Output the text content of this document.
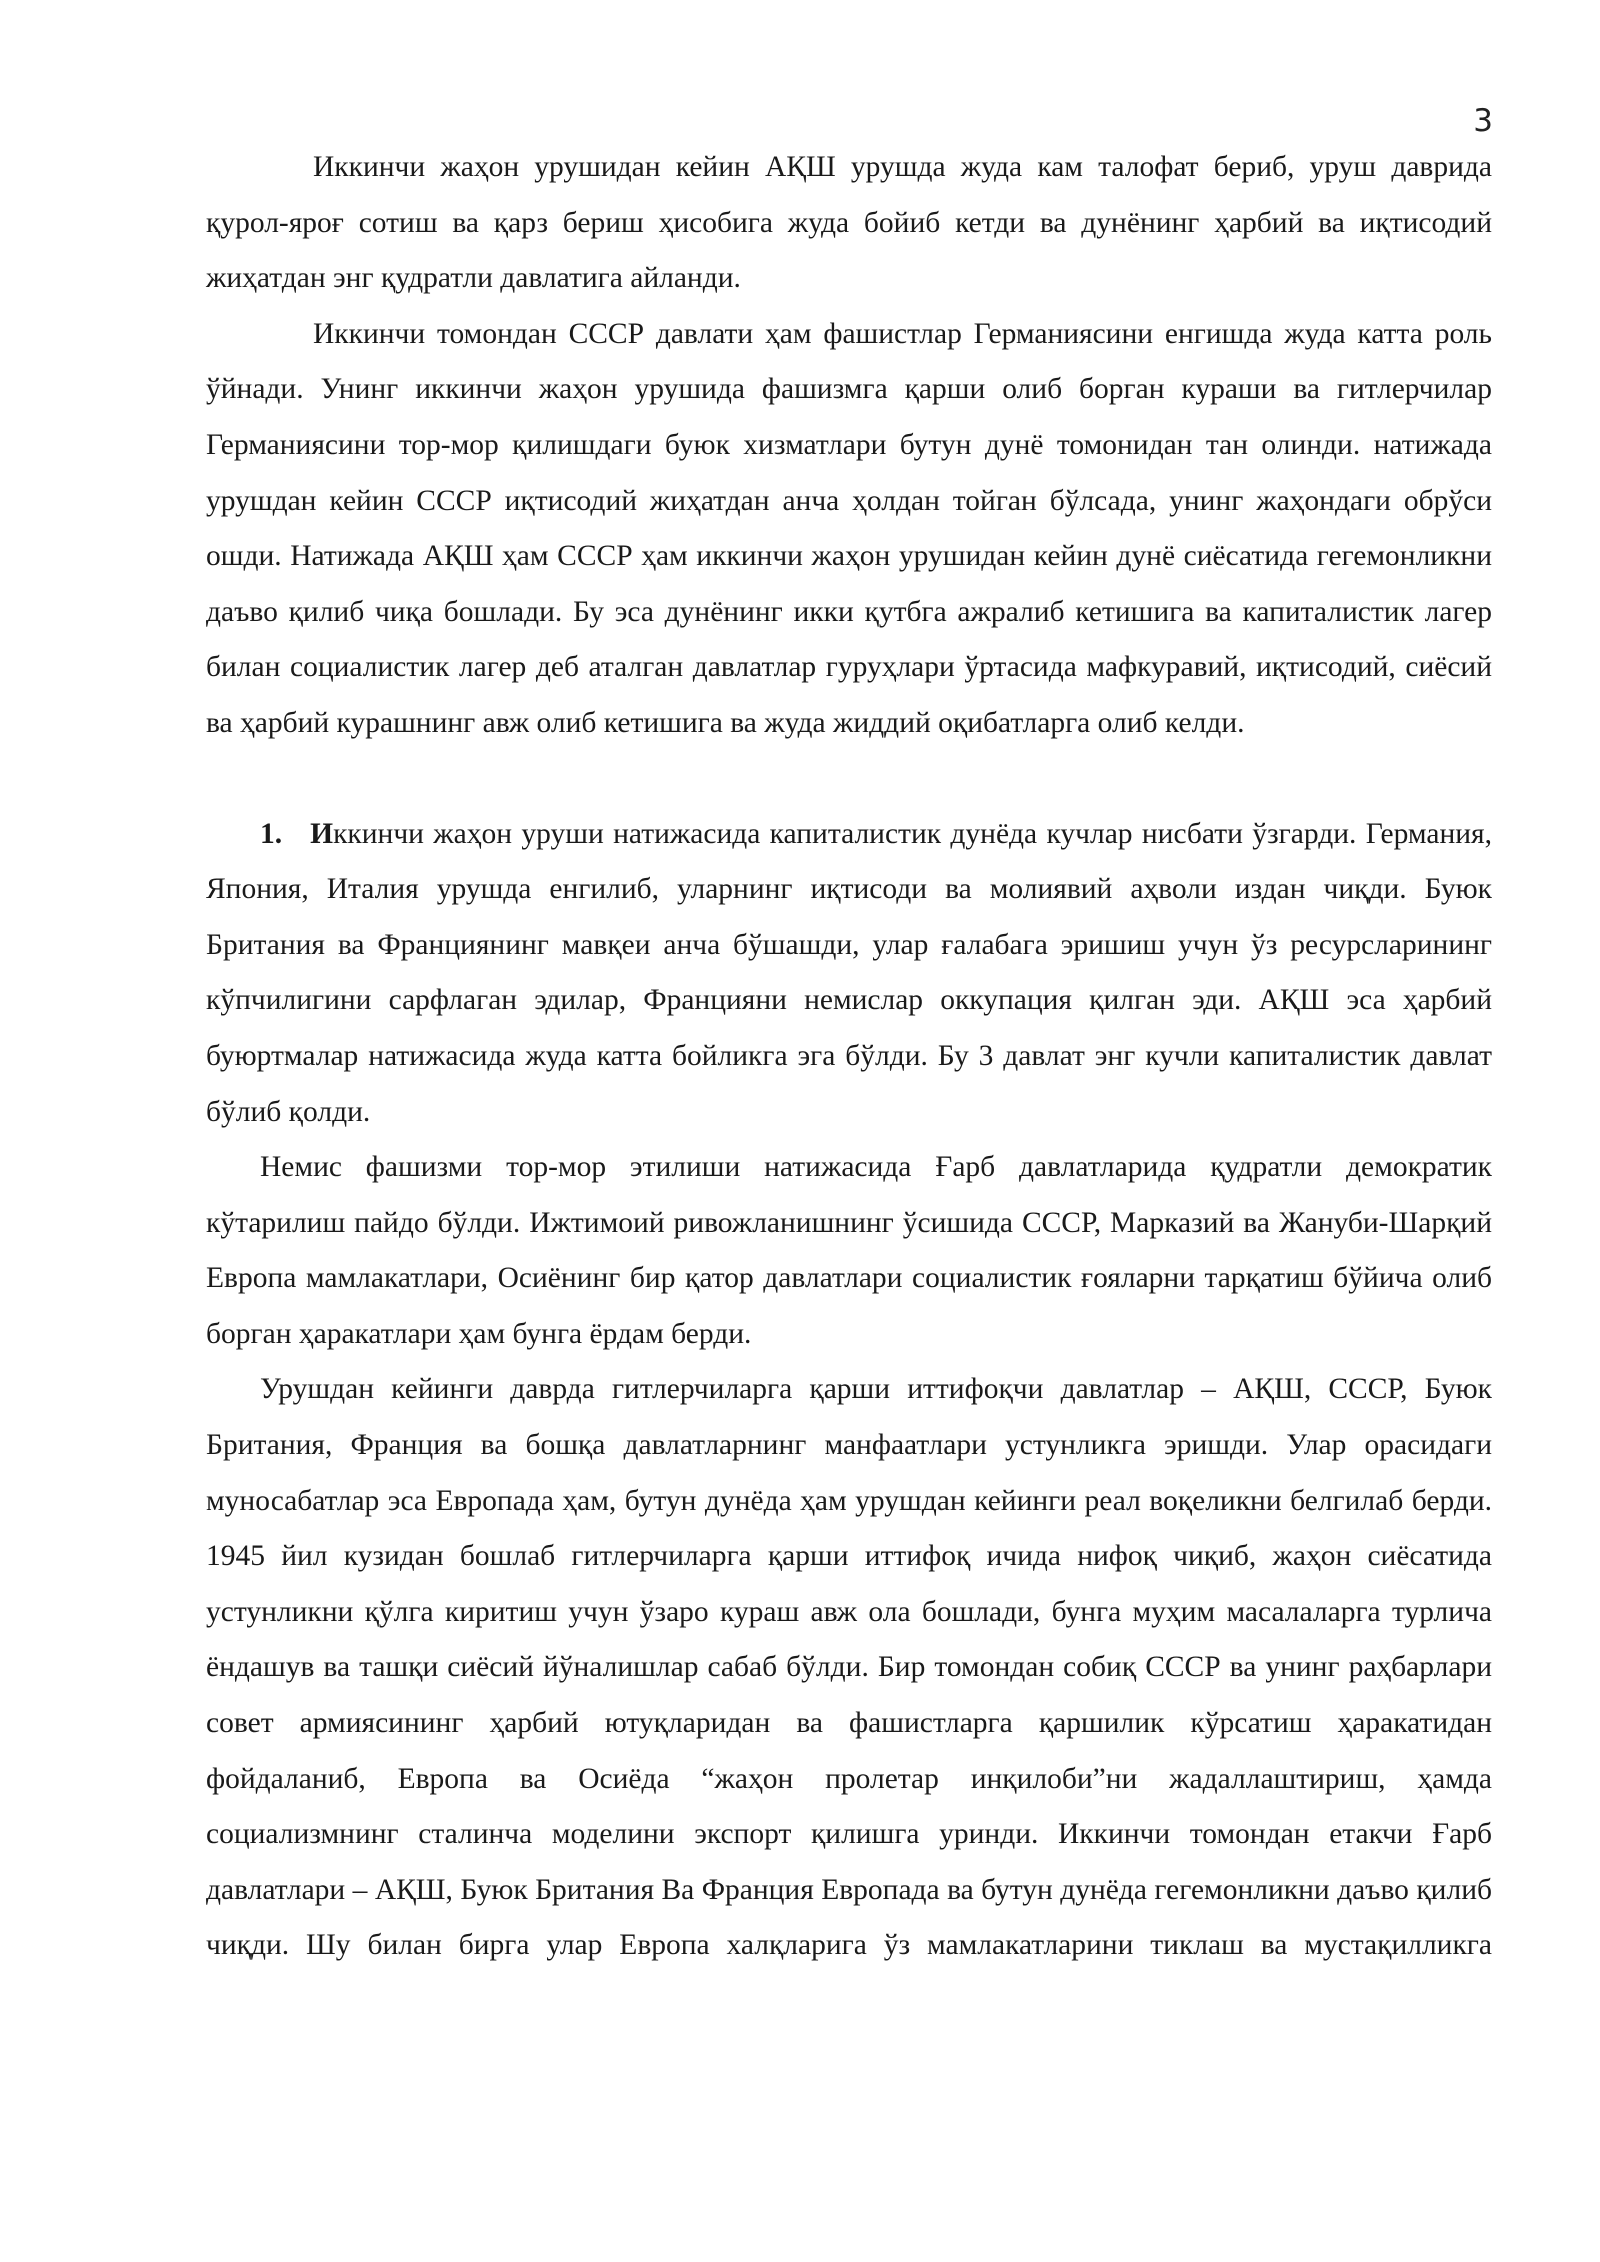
3

Иккинчи жаҳон урушидан кейин АҚШ урушда жуда кам талофат бериб, уруш даврида қурол-яроғ сотиш ва қарз бериш ҳисобига жуда бойиб кетди ва дунёнинг ҳарбий ва иқтисодий жиҳатдан энг қудратли давлатига айланди.

Иккинчи томондан СССР давлати ҳам фашистлар Германиясини енгишда жуда катта роль ўйнади. Унинг иккинчи жаҳон урушида фашизмга қарши олиб борган кураши ва гитлерчилар Германиясини тор-мор қилишдаги буюк хизматлари бутун дунё томонидан тан олинди. натижада урушдан кейин СССР иқтисодий жиҳатдан анча ҳолдан тойган бўлсада, унинг жаҳондаги обрўси ошди. Натижада АҚШ ҳам СССР ҳам иккинчи жаҳон урушидан кейин дунё сиёсатида гегемонликни даъво қилиб чиқа бошлади. Бу эса дунёнинг икки қутбга ажралиб кетишига ва капиталистик лагер билан социалистик лагер деб аталган давлатлар гуруҳлари ўртасида мафкуравий, иқтисодий, сиёсий ва ҳарбий курашнинг авж олиб кетишига ва жуда жиддий оқибатларга олиб келди.

1. Иккинчи жаҳон уруши натижасида капиталистик дунёда кучлар нисбати ўзгарди. Германия, Япония, Италия урушда енгилиб, уларнинг иқтисоди ва молиявий аҳволи издан чиқди. Буюк Британия ва Франциянинг мавқеи анча бўшашди, улар ғалабага эришиш учун ўз ресурсларининг кўпчилигини сарфлаган эдилар, Францияни немислар оккупация қилган эди. АҚШ эса ҳарбий буюртмалар натижасида жуда катта бойликга эга бўлди. Бу 3 давлат энг кучли капиталистик давлат бўлиб қолди.

Немис фашизми тор-мор этилиши натижасида Ғарб давлатларида қудратли демократик кўтарилиш пайдо бўлди. Ижтимоий ривожланишнинг ўсишида СССР, Марказий ва Жануби-Шарқий Европа мамлакатлари, Осиёнинг бир қатор давлатлари социалистик ғояларни тарқатиш бўйича олиб борган ҳаракатлари ҳам бунга ёрдам берди.

Урушдан кейинги даврда гитлерчиларга қарши иттифоқчи давлатлар – АҚШ, СССР, Буюк Британия, Франция ва бошқа давлатларнинг манфаатлари устунликга эришди. Улар орасидаги муносабатлар эса Европада ҳам, бутун дунёда ҳам урушдан кейинги реал воқеликни белгилаб берди. 1945 йил кузидан бошлаб гитлерчиларга қарши иттифоқ ичида нифоқ чиқиб, жаҳон сиёсатида устунликни қўлга киритиш учун ўзаро кураш авж ола бошлади, бунга муҳим масалаларга турлича ёндашув ва ташқи сиёсий йўналишлар сабаб бўлди. Бир томондан собиқ СССР ва унинг раҳбарлари совет армиясининг ҳарбий ютуқларидан ва фашистларга қаршилик кўрсатиш ҳаракатидан фойдаланиб, Европа ва Осиёда “жаҳон пролетар инқилоби”ни жадаллаштириш, ҳамда социализмнинг сталинча моделини экспорт қилишга уринди. Иккинчи томондан етакчи Ғарб давлатлари – АҚШ, Буюк Британия Ва Франция Европада ва бутун дунёда гегемонликни даъво қилиб чиқди. Шу билан бирга улар Европа халқларига ўз мамлакатларини тиклаш ва мустақилликга
